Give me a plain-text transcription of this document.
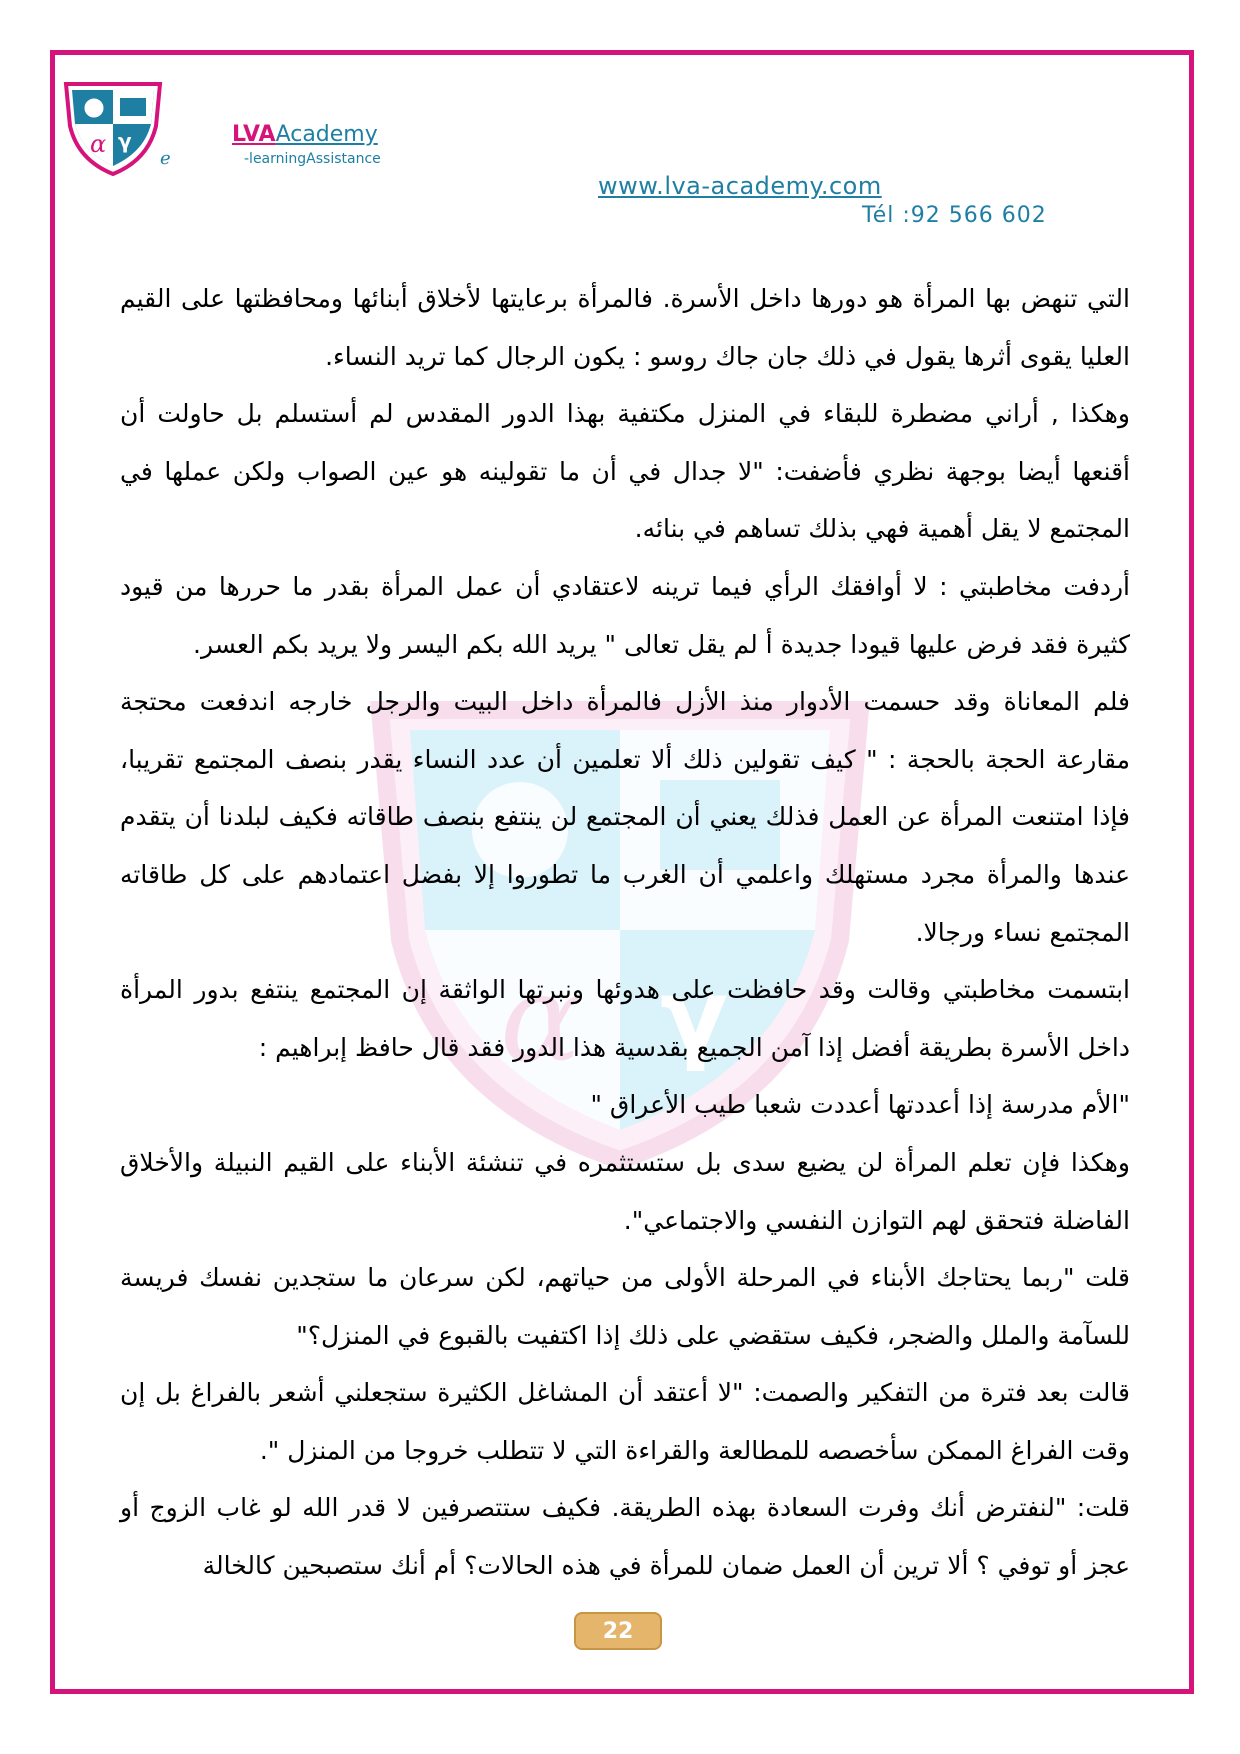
α γ	LVAAcademy
-learningAssistance
e
www.lva-academy.com
Tél :92 566 602
α γ

التي تنهض بها المرأة هو دورها داخل الأسرة. فالمرأة برعايتها لأخلاق أبنائها ومحافظتها على القيم العليا يقوى أثرها يقول في ذلك جان جاك روسو : يكون الرجال كما تريد النساء.

وهكذا , أراني مضطرة للبقاء في المنزل مكتفية بهذا الدور المقدس لم أستسلم بل حاولت أن أقنعها أيضا بوجهة نظري فأضفت: "لا جدال في أن ما تقولينه هو عين الصواب ولكن عملها في المجتمع لا يقل أهمية فهي بذلك تساهم في بنائه.

أردفت مخاطبتي : لا أوافقك الرأي فيما ترينه لاعتقادي أن عمل المرأة بقدر ما حررها من قيود كثيرة فقد فرض عليها قيودا جديدة أ لم يقل تعالى " يريد الله بكم اليسر ولا يريد بكم العسر.

فلم المعاناة وقد حسمت الأدوار منذ الأزل فالمرأة داخل البيت والرجل خارجه اندفعت محتجة مقارعة الحجة بالحجة : " كيف تقولين ذلك ألا تعلمين أن عدد النساء يقدر بنصف المجتمع تقريبا، فإذا امتنعت المرأة عن العمل فذلك يعني أن المجتمع لن ينتفع بنصف طاقاته فكيف لبلدنا أن يتقدم عندها والمرأة مجرد مستهلك واعلمي أن الغرب ما تطوروا إلا بفضل اعتمادهم على كل طاقاته المجتمع نساء ورجالا.

ابتسمت مخاطبتي وقالت وقد حافظت على هدوئها ونبرتها الواثقة إن المجتمع ينتفع بدور المرأة داخل الأسرة بطريقة أفضل إذا آمن الجميع بقدسية هذا الدور فقد قال حافظ إبراهيم :

"الأم مدرسة إذا أعددتها أعددت شعبا طيب الأعراق "

وهكذا فإن تعلم المرأة لن يضيع سدى بل ستستثمره في تنشئة الأبناء على القيم النبيلة والأخلاق الفاضلة فتحقق لهم التوازن النفسي والاجتماعي".

قلت "ربما يحتاجك الأبناء في المرحلة الأولى من حياتهم، لكن سرعان ما ستجدين نفسك فريسة للسآمة والملل والضجر، فكيف ستقضي على ذلك إذا اكتفيت بالقبوع في المنزل؟"

قالت بعد فترة من التفكير والصمت: "لا أعتقد أن المشاغل الكثيرة ستجعلني أشعر بالفراغ بل إن وقت الفراغ الممكن سأخصصه للمطالعة والقراءة التي لا تتطلب خروجا من المنزل ".

قلت: "لنفترض أنك وفرت السعادة بهذه الطريقة. فكيف ستتصرفين لا قدر الله لو غاب الزوج أو عجز أو توفي ؟ ألا ترين أن العمل ضمان للمرأة في هذه الحالات؟ أم أنك ستصبحين كالخالة

22
